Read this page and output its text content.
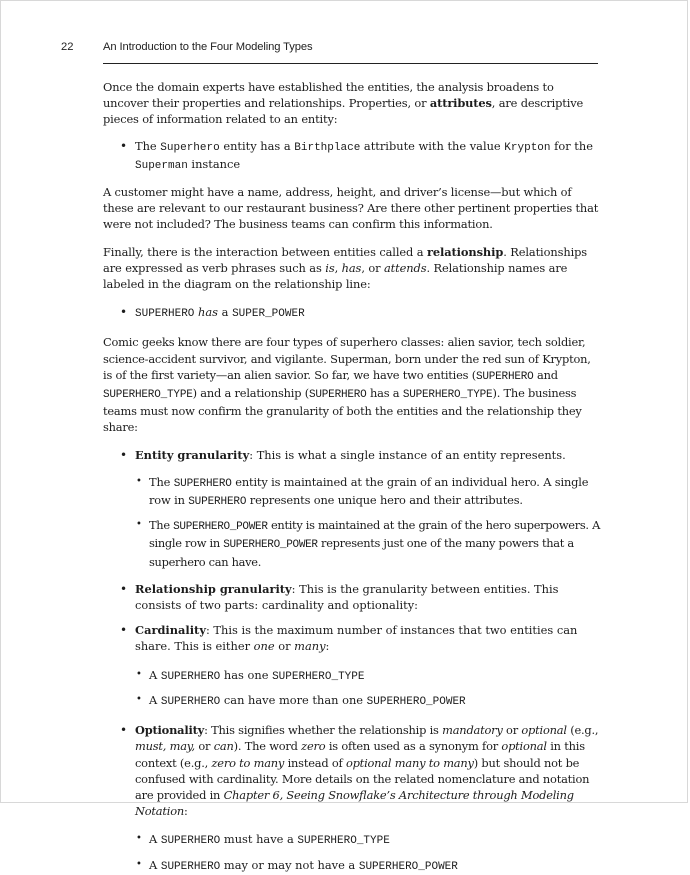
22	An Introduction to the Four Modeling Types

Once the domain experts have established the entities, the analysis broadens to uncover their properties and relationships. Properties, or attributes, are descriptive pieces of information related to an entity:

• The Superhero entity has a Birthplace attribute with the value Krypton for the Superman instance

A customer might have a name, address, height, and driver’s license—but which of these are relevant to our restaurant business? Are there other pertinent properties that were not included? The business teams can confirm this information.

Finally, there is the interaction between entities called a relationship. Relationships are expressed as verb phrases such as is, has, or attends. Relationship names are labeled in the diagram on the relationship line:

• SUPERHERO has a SUPER_POWER

Comic geeks know there are four types of superhero classes: alien savior, tech soldier, science-accident survivor, and vigilante. Superman, born under the red sun of Krypton, is of the first variety—an alien savior. So far, we have two entities (SUPERHERO and SUPERHERO_TYPE) and a relationship (SUPERHERO has a SUPERHERO_TYPE). The business teams must now confirm the granularity of both the entities and the relationship they share:

• Entity granularity: This is what a single instance of an entity represents.
• The SUPERHERO entity is maintained at the grain of an individual hero. A single row in SUPERHERO represents one unique hero and their attributes.
• The SUPERHERO_POWER entity is maintained at the grain of the hero superpowers. A single row in SUPERHERO_POWER represents just one of the many powers that a superhero can have.
• Relationship granularity: This is the granularity between entities. This consists of two parts: cardinality and optionality:
• Cardinality: This is the maximum number of instances that two entities can share. This is either one or many:
• A SUPERHERO has one SUPERHERO_TYPE
• A SUPERHERO can have more than one SUPERHERO_POWER
• Optionality: This signifies whether the relationship is mandatory or optional (e.g., must, may, or can). The word zero is often used as a synonym for optional in this context (e.g., zero to many instead of optional many to many) but should not be confused with cardinality. More details on the related nomenclature and notation are provided in Chapter 6, Seeing Snowflake’s Architecture through Modeling Notation:
• A SUPERHERO must have a SUPERHERO_TYPE
• A SUPERHERO may or may not have a SUPERHERO_POWER
